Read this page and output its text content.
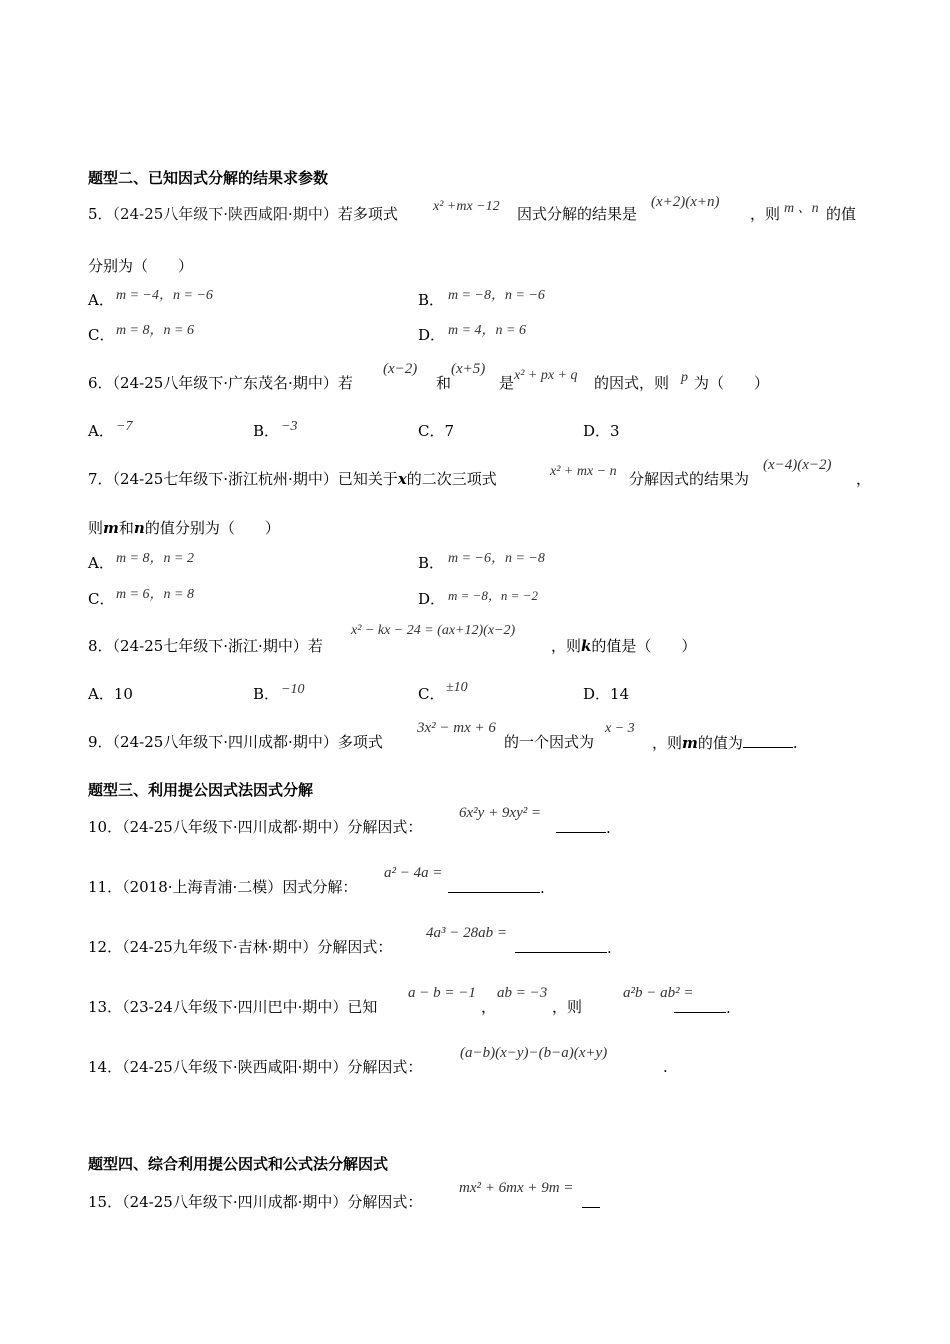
题型二、已知因式分解的结果求参数
5．（24-25八年级下·陕西咸阳·期中）若多项式	x² +mx −12 因式分解的结果是
(x+2)(x+n)
，则 m 、n 的值
分别为（　　）
A． m = −4，n = −6	B． m = −8，n = −6
C． m = 8，n = 6	D． m = 4，n = 6
6．（24-25八年级下·广东茂名·期中）若
(x−2)
和
(x+5)
是 x² + px + q 的因式，则 p 为（　　）
A． −7	B． −3	C．7	D．3
7．（24-25七年级下·浙江杭州·期中）已知关于x的二次三项式	x² + mx − n 分解因式的结果为
(x−4)(x−2)
，
则m和n的值分别为（　　）
A． m = 8，n = 2	B． m = −6，n = −8
C． m = 6，n = 8	D． m = −8，n = −2
8．（24-25七年级下·浙江·期中）若
x² − kx − 24 = (ax+12)(x−2)
，则k的值是（　　）
A．10	B． −10	C． ±10	D．14
9．（24-25八年级下·四川成都·期中）多项式
3x² − mx + 6
的一个因式为
x − 3
，则m的值为	.
题型三、利用提公因式法因式分解
10．（24-25八年级下·四川成都·期中）分解因式：
6x²y + 9xy² =
.
11．（2018·上海青浦·二模）因式分解：
a² − 4a =
.
12．（24-25九年级下·吉林·期中）分解因式：
4a³ − 28ab =
.
13．（23-24八年级下·四川巴中·期中）已知
a − b = −1
，
ab = −3
，则
a²b − ab² =
.
14．（24-25八年级下·陕西咸阳·期中）分解因式：
(a−b)(x−y)−(b−a)(x+y)
.
题型四、综合利用提公因式和公式法分解因式
15．（24-25八年级下·四川成都·期中）分解因式：
mx² + 6mx + 9m =
